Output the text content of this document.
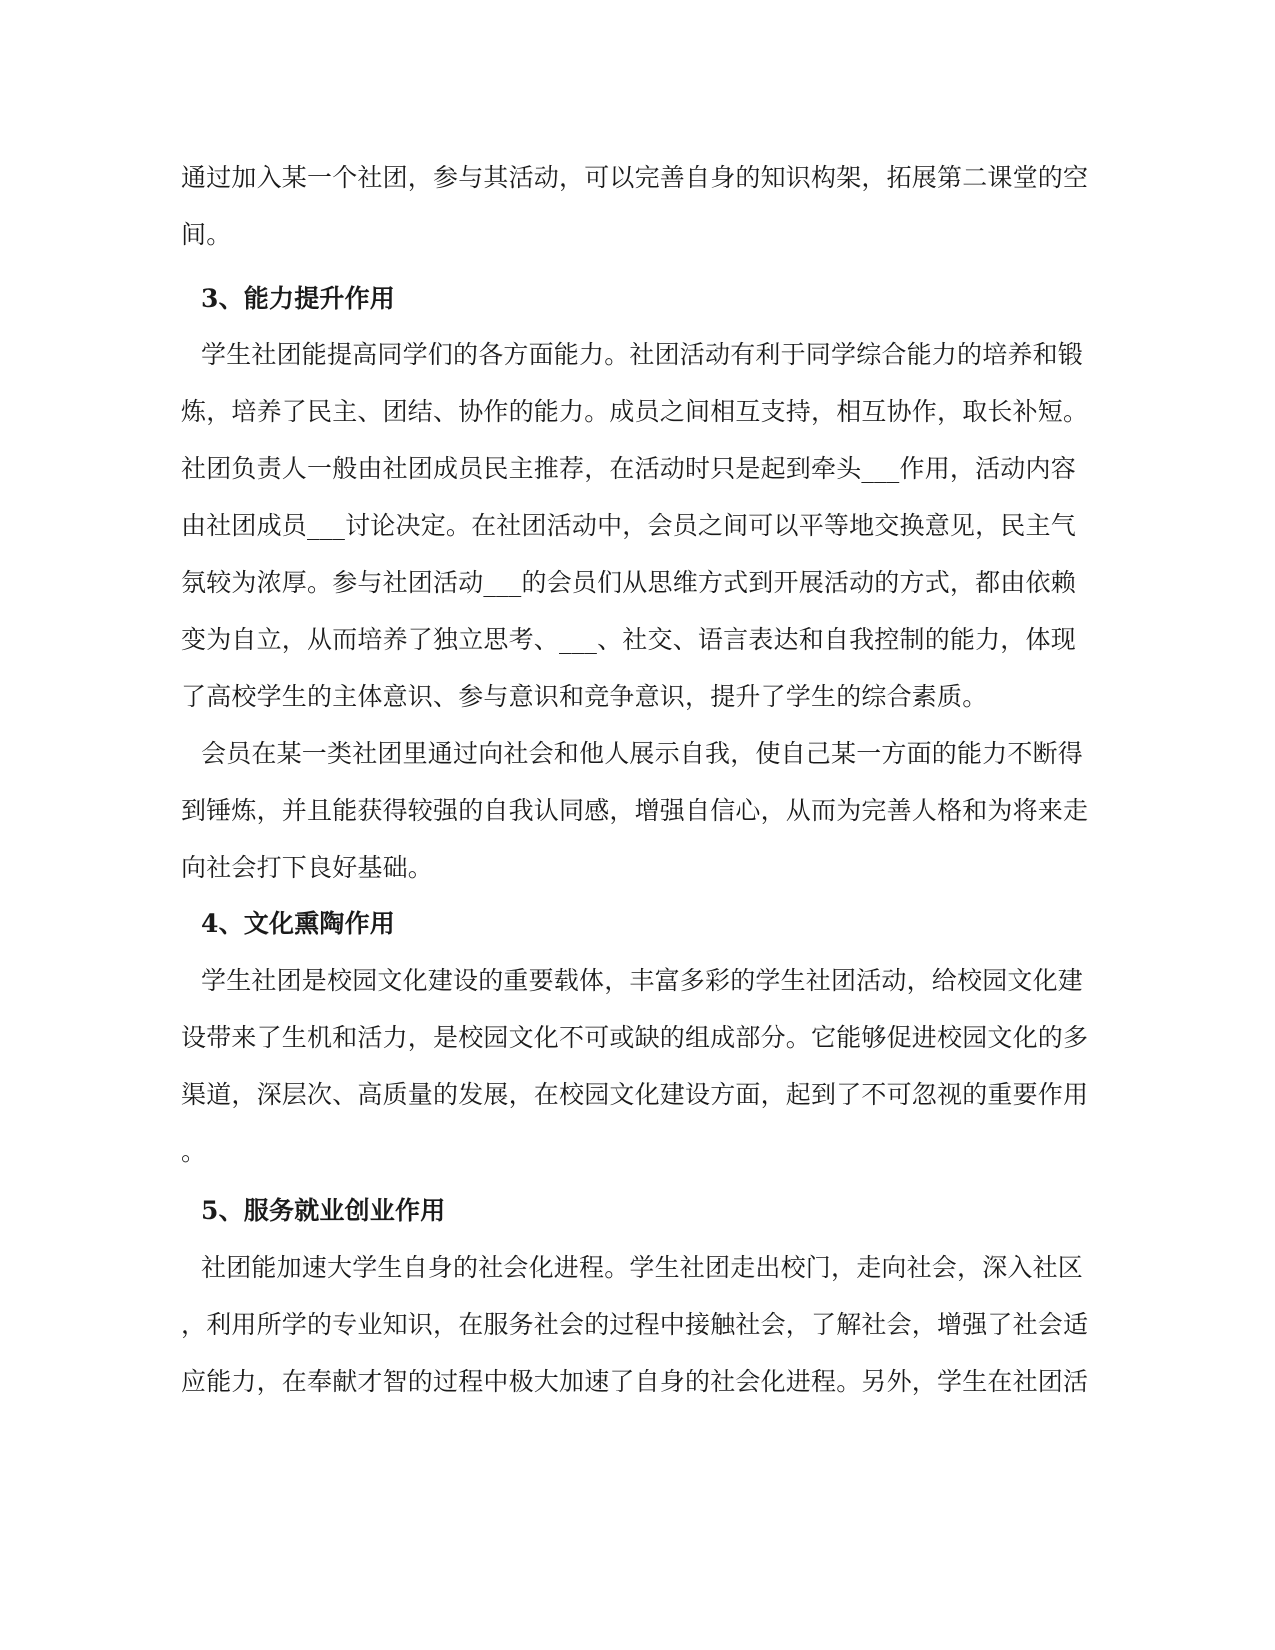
通过加入某一个社团，参与其活动，可以完善自身的知识构架，拓展第二课堂的空
间。
3、能力提升作用
学生社团能提高同学们的各方面能力。社团活动有利于同学综合能力的培养和锻
炼，培养了民主、团结、协作的能力。成员之间相互支持，相互协作，取长补短。
社团负责人一般由社团成员民主推荐，在活动时只是起到牵头___作用，活动内容
由社团成员___讨论决定。在社团活动中，会员之间可以平等地交换意见，民主气
氛较为浓厚。参与社团活动___的会员们从思维方式到开展活动的方式，都由依赖
变为自立，从而培养了独立思考、___、社交、语言表达和自我控制的能力，体现
了高校学生的主体意识、参与意识和竞争意识，提升了学生的综合素质。
会员在某一类社团里通过向社会和他人展示自我，使自己某一方面的能力不断得
到锤炼，并且能获得较强的自我认同感，增强自信心，从而为完善人格和为将来走
向社会打下良好基础。
4、文化熏陶作用
学生社团是校园文化建设的重要载体，丰富多彩的学生社团活动，给校园文化建
设带来了生机和活力，是校园文化不可或缺的组成部分。它能够促进校园文化的多
渠道，深层次、高质量的发展，在校园文化建设方面，起到了不可忽视的重要作用
。
5、服务就业创业作用
社团能加速大学生自身的社会化进程。学生社团走出校门，走向社会，深入社区
，利用所学的专业知识，在服务社会的过程中接触社会，了解社会，增强了社会适
应能力，在奉献才智的过程中极大加速了自身的社会化进程。另外，学生在社团活
